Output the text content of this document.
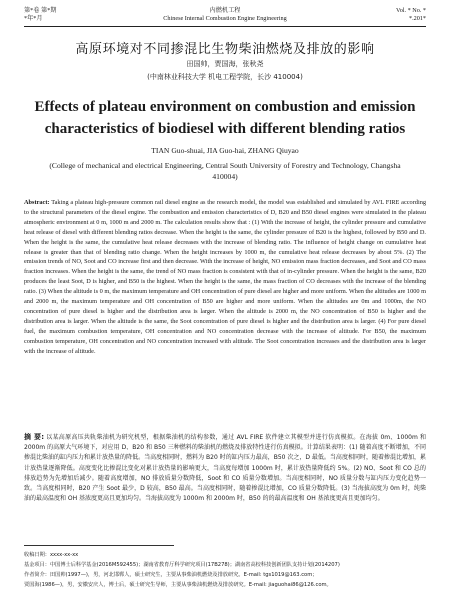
第*卷 第*期	内燃机工程	Vol. * No. *
*年*月	Chinese Internal Combustion Engine Engineering	*.201*
高原环境对不同掺混比生物柴油燃烧及排放的影响
田国帅，贾国海，张秋尧
(中南林业科技大学 机电工程学院，长沙 410004)
Effects of plateau environment on combustion and emission characteristics of biodiesel with different blending ratios
TIAN Guo-shuai, JIA Guo-hai, ZHANG Qiuyao
(College of mechanical and electrical Engineering, Central South University of Forestry and Technology, Changsha 410004)
Abstract: Taking a plateau high-pressure common rail diesel engine as the research model, the model was established and simulated by AVL FIRE according to the structural parameters of the diesel engine. The combustion and emission characteristics of D, B20 and B50 diesel engines were simulated in the plateau atmospheric environment at 0 m, 1000 m and 2000 m. The calculation results show that : (1) With the increase of height, the cylinder pressure and cumulative heat release of diesel with different blending ratios decrease. When the height is the same, the cylinder pressure of B20 is the highest, followed by B50 and D. When the height is the same, the cumulative heat release decreases with the increase of blending ratio. The influence of height change on cumulative heat release is greater than that of blending ratio change. When the height increases by 1000 m, the cumulative heat release decreases by about 5%. (2) The emission trends of NO, Soot and CO increase first and then decrease. With the increase of height, NO emission mass fraction decreases, and Soot and CO mass fraction increases. When the height is the same, the trend of NO mass fraction is consistent with that of in-cylinder pressure. When the height is the same, B20 produces the least Soot, D is higher, and B50 is the highest. When the height is the same, the mass fraction of CO decreases with the increase of the blending ratio. (3) When the altitude is 0 m, the maximum temperature and OH concentration of pure diesel are higher and more uniform. When the altitudes are 1000 m and 2000 m, the maximum temperature and OH concentration of B50 are higher and more uniform. When the altitudes are 0m and 1000m, the NO concentration of pure diesel is higher and the distribution area is larger. When the altitude is 2000 m, the NO concentration of B50 is higher and the distribution area is larger. When the altitude is the same, the Soot concentration of pure diesel is higher and the distribution area is larger. (4) For pure diesel fuel, the maximum combustion temperature, OH concentration and NO concentration decrease with the increase of altitude. For B50, the maximum combustion temperature, OH concentration and NO concentration increased with altitude. The Soot concentration increases and the distribution area is larger with the increase of altitude.
摘 要: 以某高原高压共轨柴油机为研究机型，根据柴油机的结构参数，通过 AVL FIRE 软件建立其模型并进行仿真模拟。在海拔 0m、1000m 和 2000m 的高原大气环境下，对应用 D、B20 和 B50 三种燃料的柴油机的燃烧及排放特性进行仿真模拟。计算结果表明：(1) 随着高度不断增加，不同掺混比柴油的缸内压力和累计放热量的降低。当高度相同时，燃料为 B20 时的缸内压力最高，B50 次之，D 最低。当高度相同时，随着掺混比增加，累计放热量逐渐降低。高度变化比掺混比变化对累计放热量的影响更大，当高度每增加 1000m 时，累计放热量降低约 5%。(2) NO、Soot 和 CO 总的排放趋势为先增加后减少。随着高度增加，NO 排放质量分数降低，Soot 和 CO 质量分数增加。当高度相同时，NO 质量分数与缸内压力变化趋势一致。当高度相同时，B20 产生 Soot 最少，D 较高，B50 最高。当高度相同时，随着掺混比增加，CO 质量分数降低。(3) 当海拔高度为 0m 时，纯柴油的最高温度和 OH 基浓度更高且更加均匀。当海拔高度为 1000m 和 2000m 时，B50 的的最高温度和 OH 基浓度更高且更加均匀。
收稿日期：xxxx-xx-xx
基金项目：中国博士后科学基金(2016M592455)；湖南省教育厅科学研究项目(17B278)；湖南省高校科技创新团队支持计划(2014207)
作者简介：田国帅(1997—)，男，河北邯郸人，硕士研究生，主要从事柴油机燃烧及排放研究。E-mail: tgs1019@163.com；
贾国海(1986—)，男，安徽安庆人，博士后，硕士研究生导师，主要从事柴油机燃烧及排放研究。E-mail: jiaguohai86@126.com。
